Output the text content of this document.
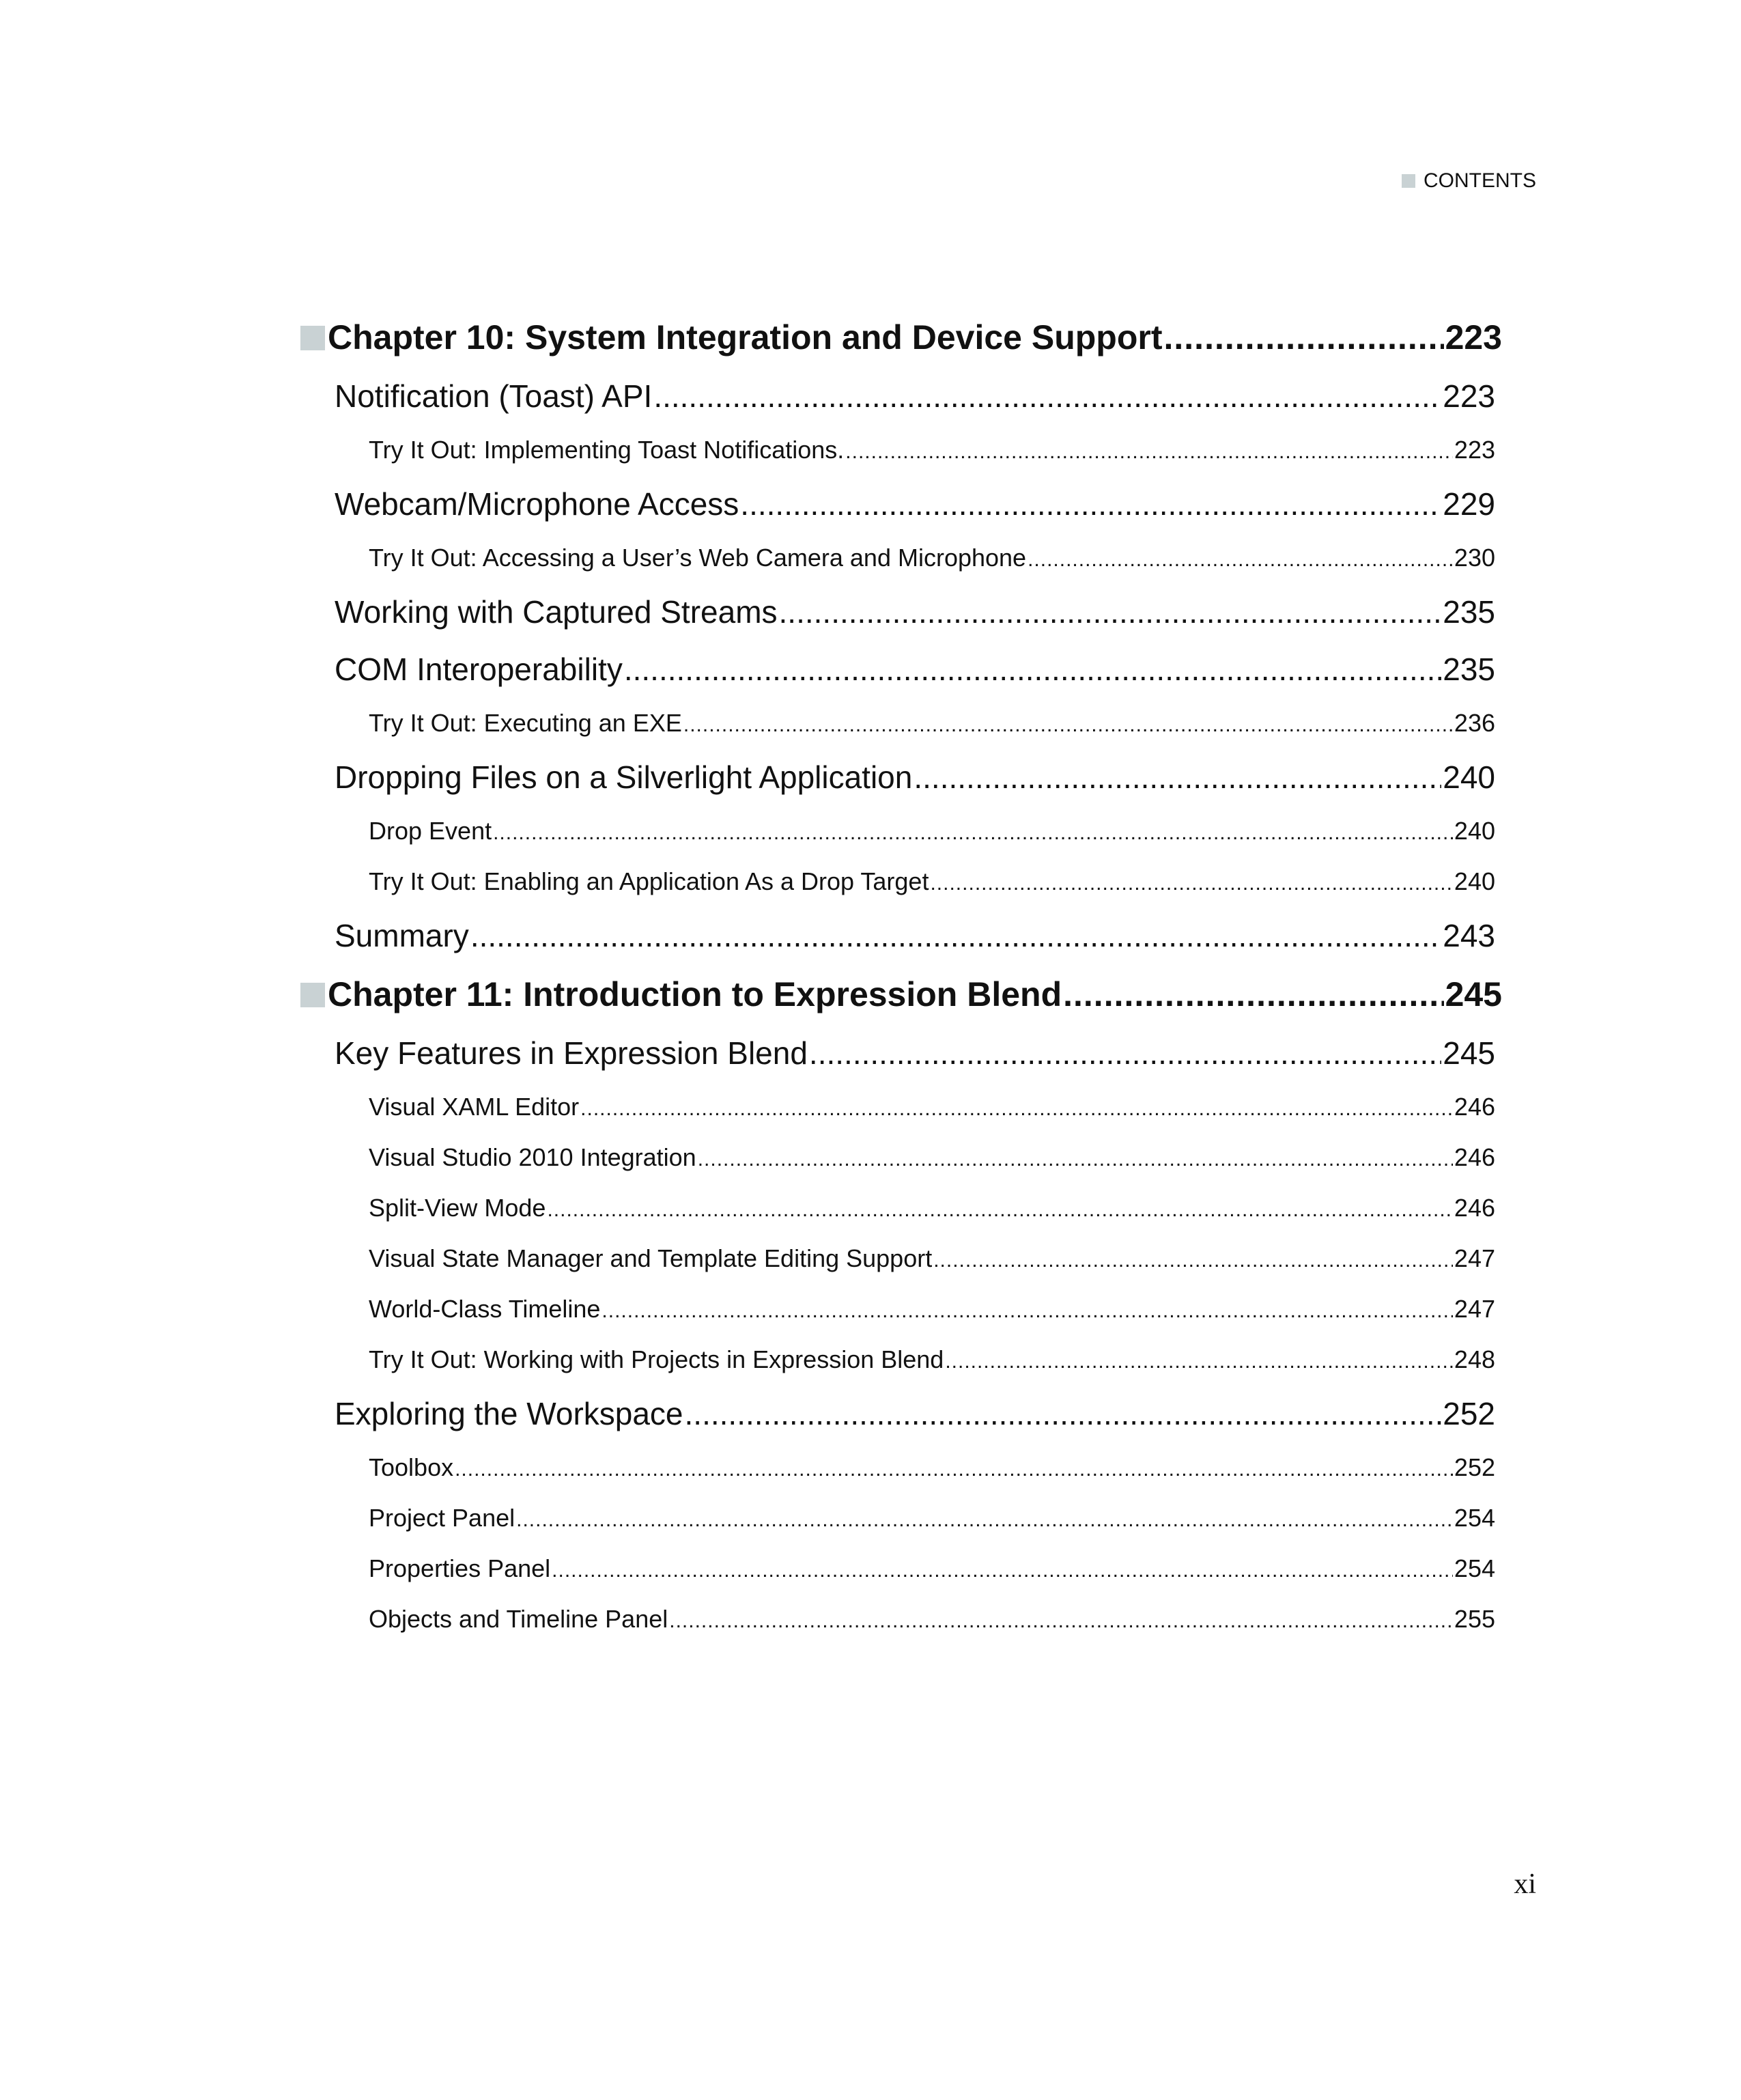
CONTENTS
Chapter 10: System Integration and Device Support .....	223
Notification (Toast) API .....	223
Try It Out: Implementing Toast Notifications. .....	223
Webcam/Microphone Access .....	229
Try It Out: Accessing a User’s Web Camera and Microphone .....	230
Working with Captured Streams .....	235
COM Interoperability .....	235
Try It Out: Executing an EXE .....	236
Dropping Files on a Silverlight Application .....	240
Drop Event .....	240
Try It Out: Enabling an Application As a Drop Target .....	240
Summary .....	243
Chapter 11: Introduction to Expression Blend .....	245
Key Features in Expression Blend .....	245
Visual XAML Editor .....	246
Visual Studio 2010 Integration .....	246
Split-View Mode .....	246
Visual State Manager and Template Editing Support .....	247
World-Class Timeline .....	247
Try It Out: Working with Projects in Expression Blend .....	248
Exploring the Workspace .....	252
Toolbox .....	252
Project Panel .....	254
Properties Panel .....	254
Objects and Timeline Panel .....	255
xi
